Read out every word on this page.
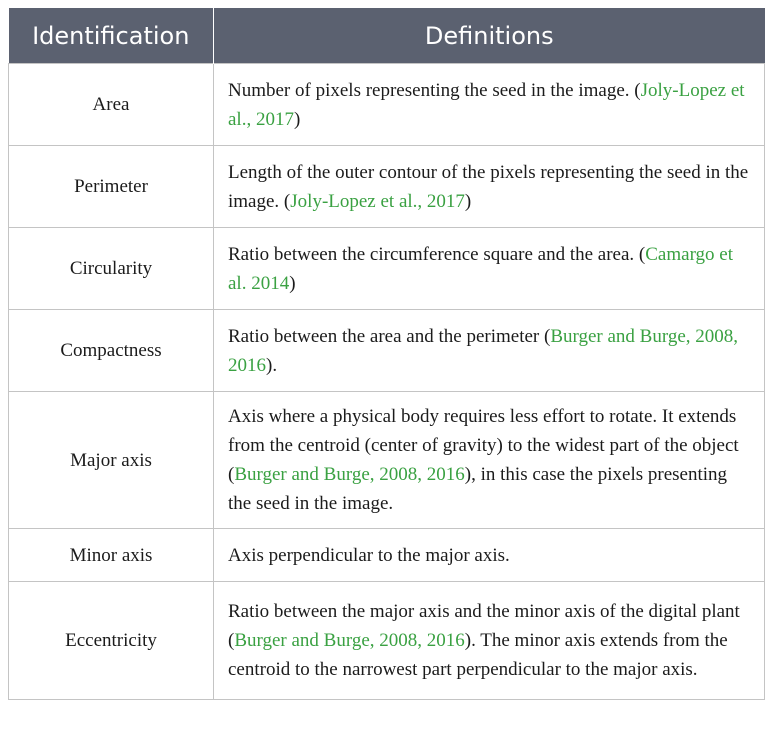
Identification	Definitions
Area	Number of pixels representing the seed in the image. (Joly-Lopez et al., 2017)
Perimeter	Length of the outer contour of the pixels representing the seed in the image. (Joly-Lopez et al., 2017)
Circularity	Ratio between the circumference square and the area. (Camargo et al. 2014)
Compactness	Ratio between the area and the perimeter (Burger and Burge, 2008, 2016).
Major axis	Axis where a physical body requires less effort to rotate. It extends from the centroid (center of gravity) to the widest part of the object (Burger and Burge, 2008, 2016), in this case the pixels presenting the seed in the image.
Minor axis	Axis perpendicular to the major axis.
Eccentricity	Ratio between the major axis and the minor axis of the digital plant (Burger and Burge, 2008, 2016). The minor axis extends from the centroid to the narrowest part perpendicular to the major axis.
